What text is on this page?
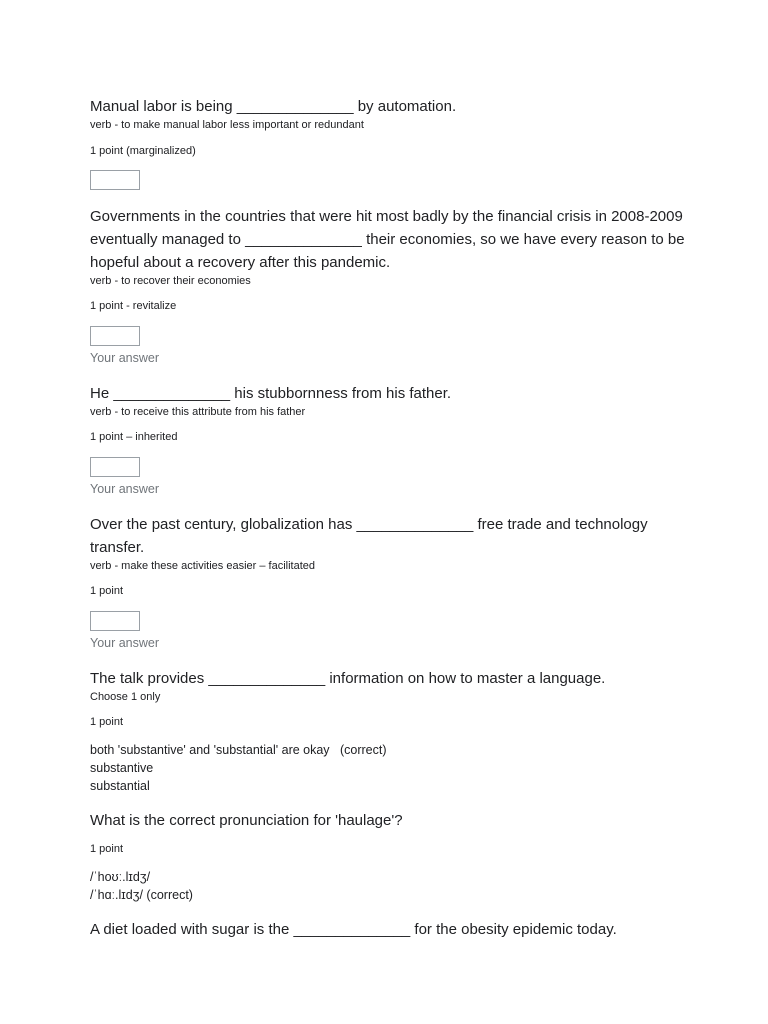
Manual labor is being ______________ by automation.

verb - to make manual labor less important or redundant

1 point (marginalized)

Governments in the countries that were hit most badly by the financial crisis in 2008-2009 eventually managed to ______________ their economies, so we have every reason to be hopeful about a recovery after this pandemic.

verb - to recover their economies

1 point - revitalize

Your answer

He ______________ his stubbornness from his father.

verb - to receive this attribute from his father

1 point – inherited

Your answer

Over the past century, globalization has ______________ free trade and technology transfer.

verb - make these activities easier – facilitated

1 point

Your answer

The talk provides ______________ information on how to master a language.

Choose 1 only

1 point

both 'substantive' and 'substantial' are okay   (correct)

substantive

substantial

What is the correct pronunciation for 'haulage'?

1 point

/ˈhoʊː.lɪdʒ/

/ˈhɑː.lɪdʒ/ (correct)

A diet loaded with sugar is the ______________ for the obesity epidemic today.
